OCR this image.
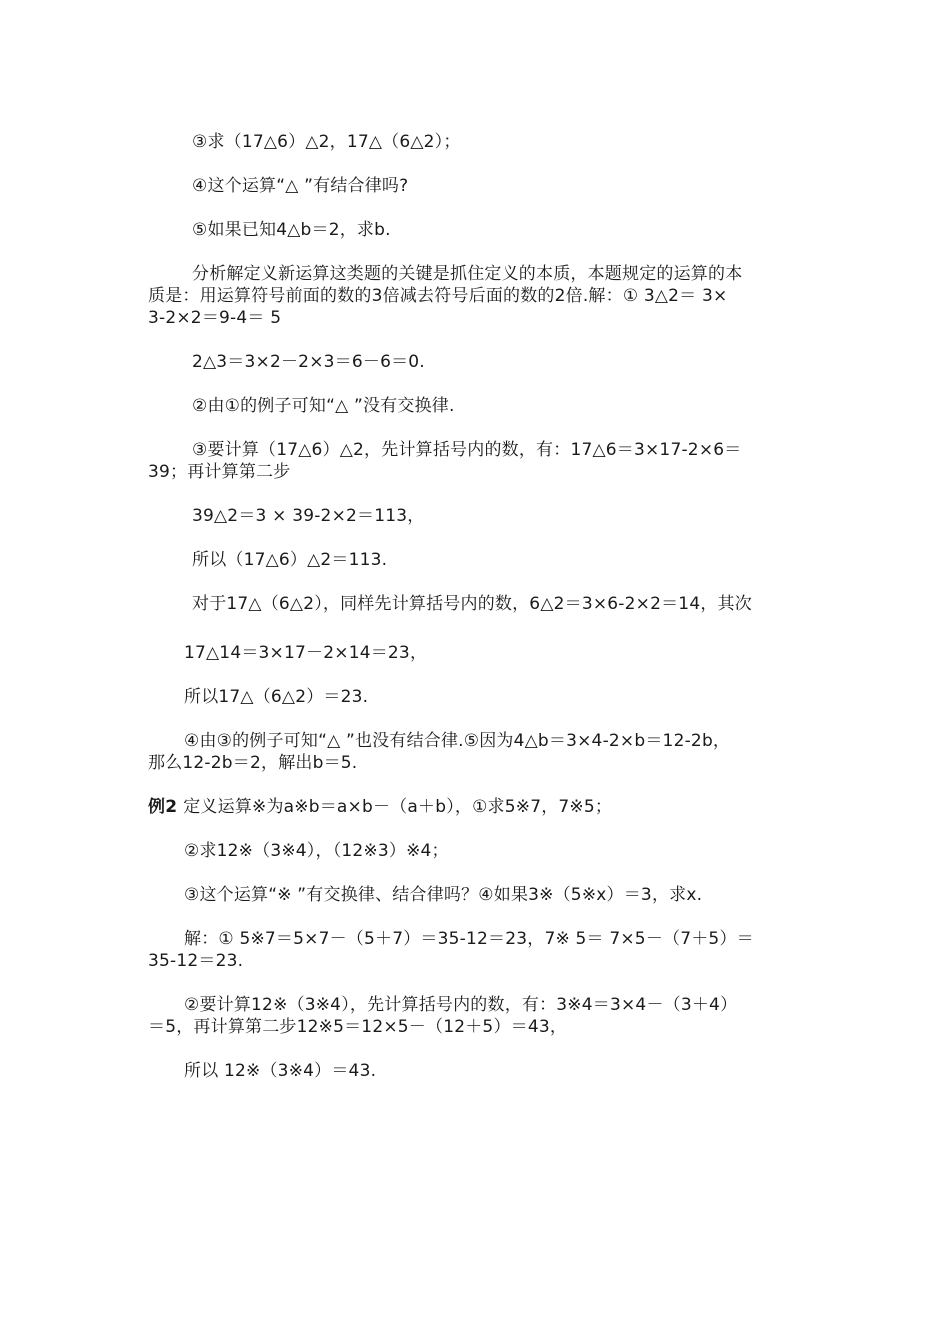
③求（17△6）△2，17△（6△2）；
④这个运算“△ ”有结合律吗?
⑤如果已知4△b＝2，求b.
分析解定义新运算这类题的关键是抓住定义的本质，本题规定的运算的本
质是：用运算符号前面的数的3倍减去符号后面的数的2倍.解：① 3△2＝ 3×
3-2×2＝9-4＝ 5
2△3＝3×2－2×3＝6－6＝0.
②由①的例子可知“△ ”没有交换律.
③要计算（17△6）△2，先计算括号内的数，有：17△6＝3×17-2×6＝
39；再计算第二步
39△2＝3 × 39-2×2＝113，
所以（17△6）△2＝113.
对于17△（6△2），同样先计算括号内的数，6△2＝3×6-2×2＝14，其次
17△14＝3×17－2×14＝23，
所以17△（6△2）＝23.
④由③的例子可知“△ ”也没有结合律.⑤因为4△b＝3×4-2×b＝12-2b，
那么12-2b＝2，解出b＝5.
例2 定义运算※为a※b＝a×b－（a＋b），①求5※7，7※5；
②求12※（3※4），（12※3）※4；
③这个运算“※ ”有交换律、结合律吗？④如果3※（5※x）＝3，求x.
解：① 5※7＝5×7－（5＋7）＝35-12＝23，7※ 5＝ 7×5－（7＋5）＝
35-12＝23.
②要计算12※（3※4），先计算括号内的数，有：3※4＝3×4－（3＋4）
＝5，再计算第二步12※5＝12×5－（12＋5）＝43，
所以 12※（3※4）＝43.
